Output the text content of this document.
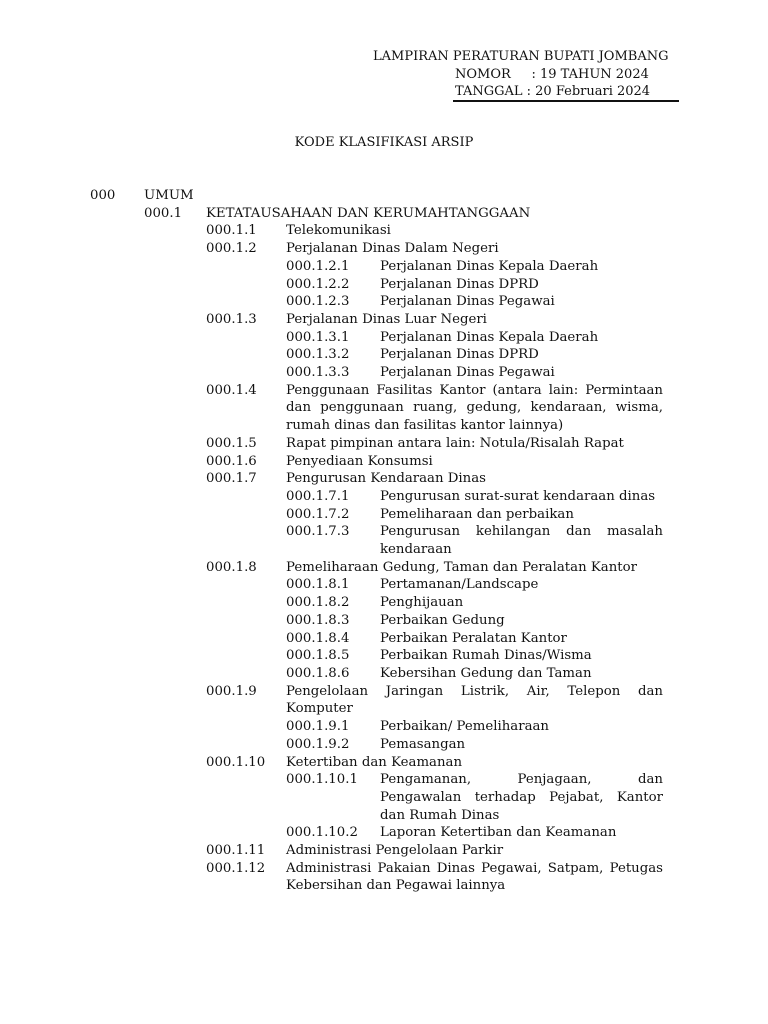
LAMPIRAN PERATURAN BUPATI JOMBANG
NOMOR     : 19 TAHUN 2024
TANGGAL : 20 Februari 2024
KODE KLASIFIKASI ARSIP
000 UMUM
000.1 KETATAUSAHAAN DAN KERUMAHTANGGAAN
000.1.1 Telekomunikasi
000.1.2 Perjalanan Dinas Dalam Negeri
000.1.2.1 Perjalanan Dinas Kepala Daerah
000.1.2.2 Perjalanan Dinas DPRD
000.1.2.3 Perjalanan Dinas Pegawai
000.1.3 Perjalanan Dinas Luar Negeri
000.1.3.1 Perjalanan Dinas Kepala Daerah
000.1.3.2 Perjalanan Dinas DPRD
000.1.3.3 Perjalanan Dinas Pegawai
000.1.4 Penggunaan Fasilitas Kantor (antara lain: Permintaan dan penggunaan ruang, gedung, kendaraan, wisma, rumah dinas dan fasilitas kantor lainnya)
000.1.5 Rapat pimpinan antara lain: Notula/Risalah Rapat
000.1.6 Penyediaan Konsumsi
000.1.7 Pengurusan Kendaraan Dinas
000.1.7.1 Pengurusan surat-surat kendaraan dinas
000.1.7.2 Pemeliharaan dan perbaikan
000.1.7.3 Pengurusan kehilangan dan masalah kendaraan
000.1.8 Pemeliharaan Gedung, Taman dan Peralatan Kantor
000.1.8.1 Pertamanan/Landscape
000.1.8.2 Penghijauan
000.1.8.3 Perbaikan Gedung
000.1.8.4 Perbaikan Peralatan Kantor
000.1.8.5 Perbaikan Rumah Dinas/Wisma
000.1.8.6 Kebersihan Gedung dan Taman
000.1.9 Pengelolaan Jaringan Listrik, Air, Telepon dan Komputer
000.1.9.1 Perbaikan/ Pemeliharaan
000.1.9.2 Pemasangan
000.1.10 Ketertiban dan Keamanan
000.1.10.1 Pengamanan, Penjagaan, dan Pengawalan terhadap Pejabat, Kantor dan Rumah Dinas
000.1.10.2 Laporan Ketertiban dan Keamanan
000.1.11 Administrasi Pengelolaan Parkir
000.1.12 Administrasi Pakaian Dinas Pegawai, Satpam, Petugas Kebersihan dan Pegawai lainnya
